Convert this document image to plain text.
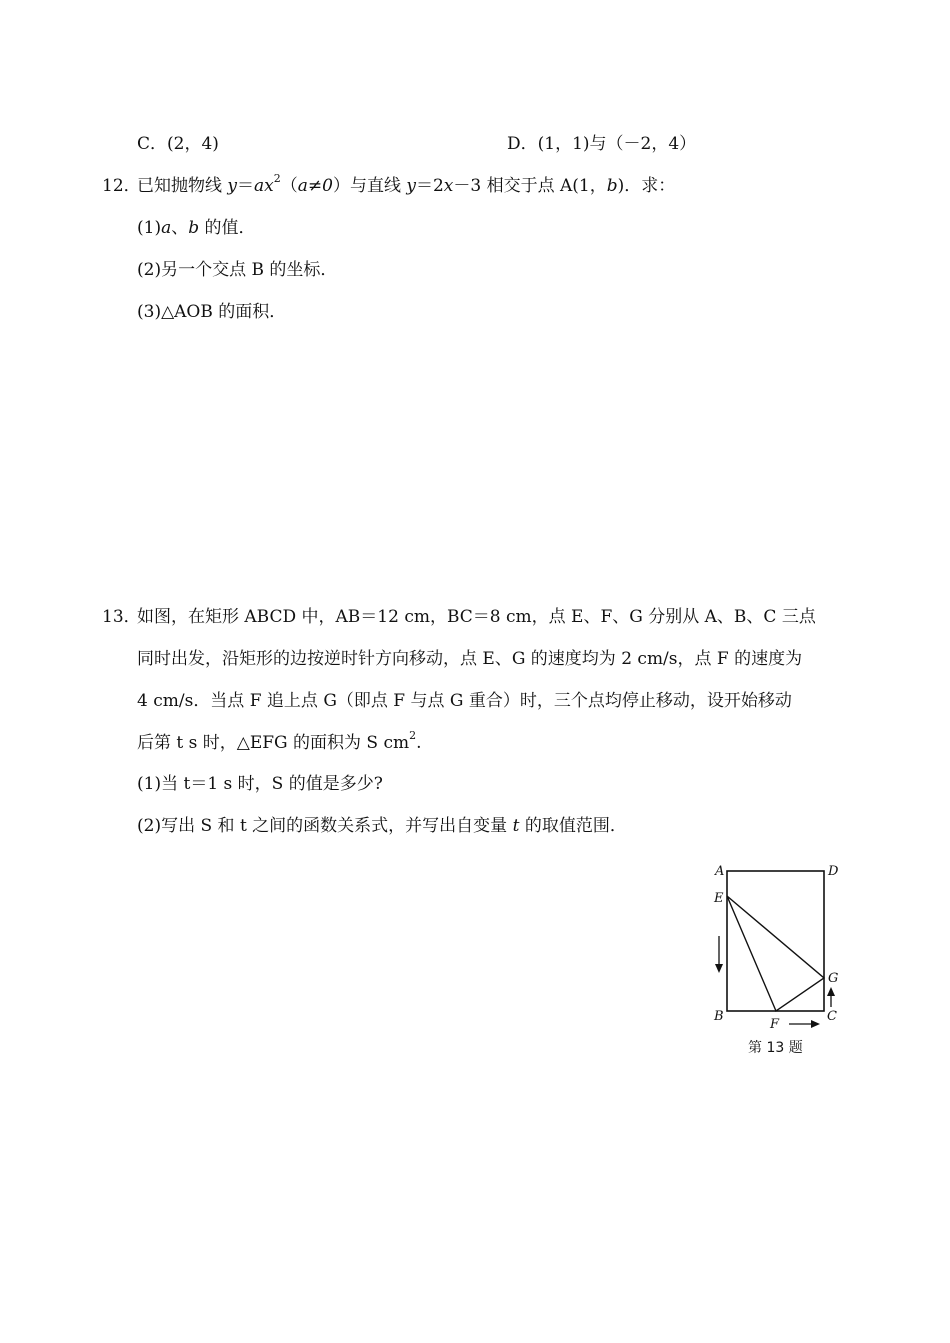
C．(2，4)	D．(1，1)与（－2，4）
12．已知抛物线 $y=ax^2(a\ne 0)$与直线 y＝2x－3 相交于点 A(1，b)．求：
(1)a、b 的值．
(2)另一个交点 B 的坐标．
(3)△AOB 的面积．
13．如图，在矩形 ABCD 中，AB＝12 cm，BC＝8 cm，点 E、F、G 分别从 A、B、C 三点
同时出发，沿矩形的边按逆时针方向移动，点 E、G 的速度均为 2 cm/s，点 F 的速度为
4 cm/s．当点 F 追上点 G（即点 F 与点 G 重合）时，三个点均停止移动，设开始移动
后第 t s 时，△EFG 的面积为 S $cm^2$.
(1)当 t＝1 s 时，S 的值是多少?
(2)写出 S 和 t 之间的函数关系式，并写出自变量 t 的取值范围．
A	D
E
G
B
F
C
第 13 题
